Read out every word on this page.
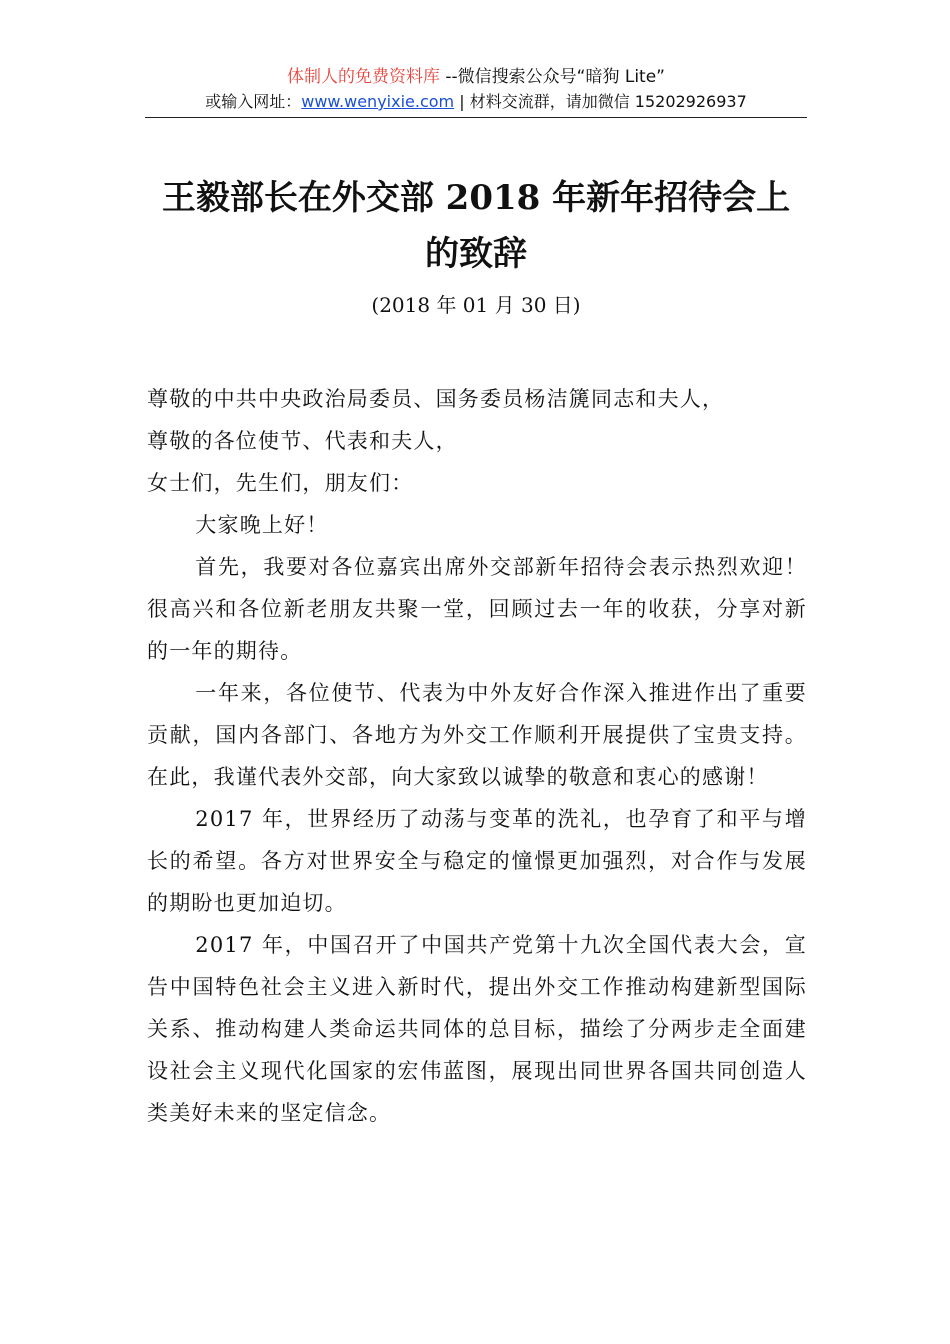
体制人的免费资料库 --微信搜索公众号“暗狗 Lite”
或输入网址：www.wenyixie.com | 材料交流群，请加微信 15202926937
王毅部长在外交部 2018 年新年招待会上
的致辞
(2018 年 01 月 30 日)

尊敬的中共中央政治局委员、国务委员杨洁篪同志和夫人，

尊敬的各位使节、代表和夫人，

女士们，先生们，朋友们：

大家晚上好！

首先，我要对各位嘉宾出席外交部新年招待会表示热烈欢迎！很高兴和各位新老朋友共聚一堂，回顾过去一年的收获，分享对新的一年的期待。

一年来，各位使节、代表为中外友好合作深入推进作出了重要贡献，国内各部门、各地方为外交工作顺利开展提供了宝贵支持。在此，我谨代表外交部，向大家致以诚挚的敬意和衷心的感谢！

2017 年，世界经历了动荡与变革的洗礼，也孕育了和平与增长的希望。各方对世界安全与稳定的憧憬更加强烈，对合作与发展的期盼也更加迫切。

2017 年，中国召开了中国共产党第十九次全国代表大会，宣告中国特色社会主义进入新时代，提出外交工作推动构建新型国际关系、推动构建人类命运共同体的总目标，描绘了分两步走全面建设社会主义现代化国家的宏伟蓝图，展现出同世界各国共同创造人类美好未来的坚定信念。
